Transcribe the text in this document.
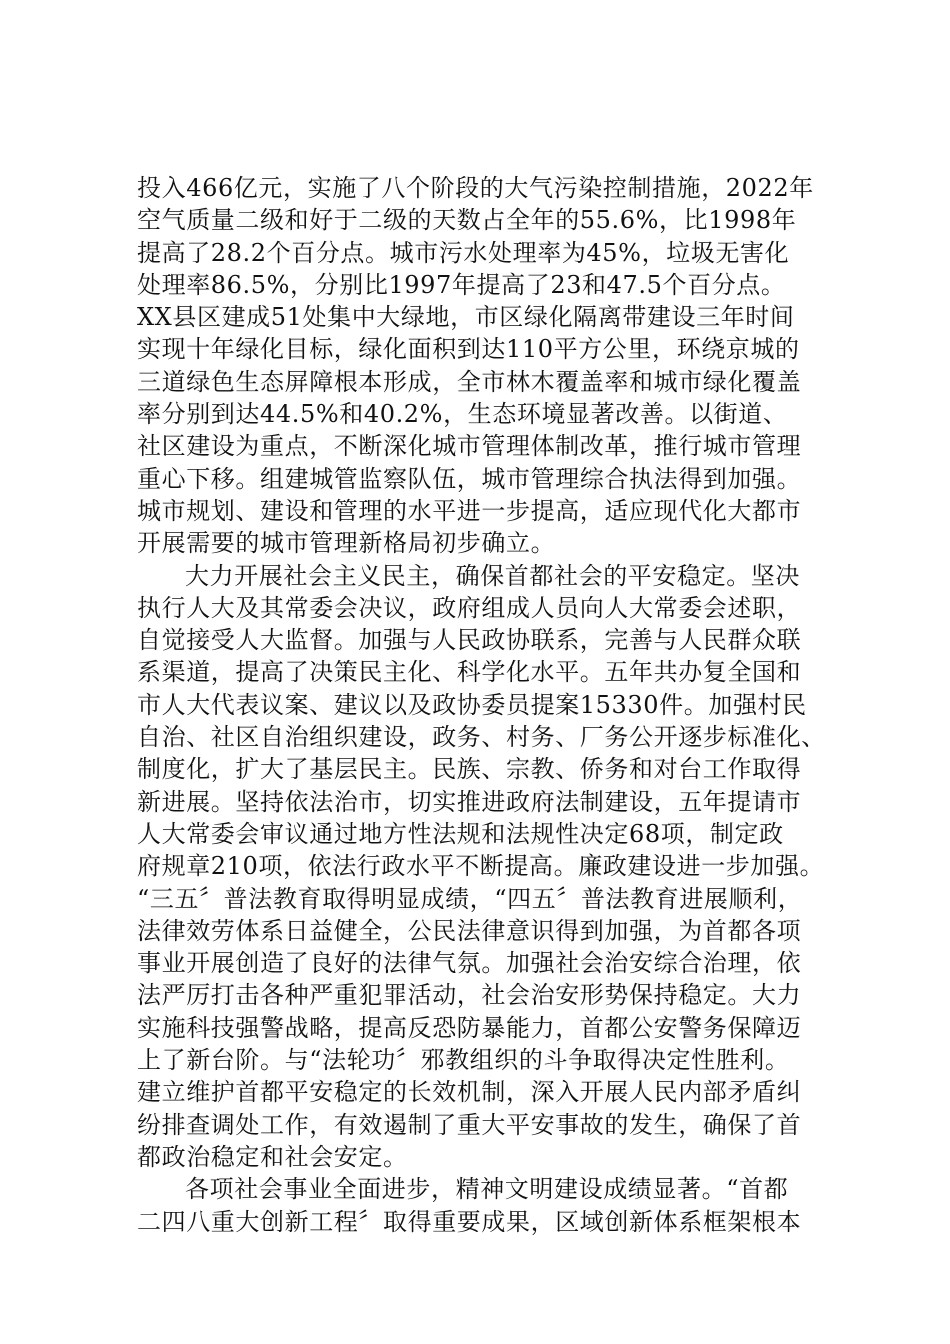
投入466亿元，实施了八个阶段的大气污染控制措施，2022年
空气质量二级和好于二级的天数占全年的55.6%，比1998年
提高了28.2个百分点。城市污水处理率为45%，垃圾无害化
处理率86.5%，分别比1997年提高了23和47.5个百分点。
XX县区建成51处集中大绿地，市区绿化隔离带建设三年时间
实现十年绿化目标，绿化面积到达110平方公里，环绕京城的
三道绿色生态屏障根本形成，全市林木覆盖率和城市绿化覆盖
率分别到达44.5%和40.2%，生态环境显著改善。以街道、
社区建设为重点，不断深化城市管理体制改革，推行城市管理
重心下移。组建城管监察队伍，城市管理综合执法得到加强。
城市规划、建设和管理的水平进一步提高，适应现代化大都市
开展需要的城市管理新格局初步确立。
大力开展社会主义民主，确保首都社会的平安稳定。坚决
执行人大及其常委会决议，政府组成人员向人大常委会述职，
自觉接受人大监督。加强与人民政协联系，完善与人民群众联
系渠道，提高了决策民主化、科学化水平。五年共办复全国和
市人大代表议案、建议以及政协委员提案15330件。加强村民
自治、社区自治组织建设，政务、村务、厂务公开逐步标准化、
制度化，扩大了基层民主。民族、宗教、侨务和对台工作取得
新进展。坚持依法治市，切实推进政府法制建设，五年提请市
人大常委会审议通过地方性法规和法规性决定68项，制定政
府规章210项，依法行政水平不断提高。廉政建设进一步加强。
“三五〞普法教育取得明显成绩，“四五〞普法教育进展顺利，
法律效劳体系日益健全，公民法律意识得到加强，为首都各项
事业开展创造了良好的法律气氛。加强社会治安综合治理，依
法严厉打击各种严重犯罪活动，社会治安形势保持稳定。大力
实施科技强警战略，提高反恐防暴能力，首都公安警务保障迈
上了新台阶。与“法轮功〞邪教组织的斗争取得决定性胜利。
建立维护首都平安稳定的长效机制，深入开展人民内部矛盾纠
纷排查调处工作，有效遏制了重大平安事故的发生，确保了首
都政治稳定和社会安定。
各项社会事业全面进步，精神文明建设成绩显著。“首都
二四八重大创新工程〞取得重要成果，区域创新体系框架根本
